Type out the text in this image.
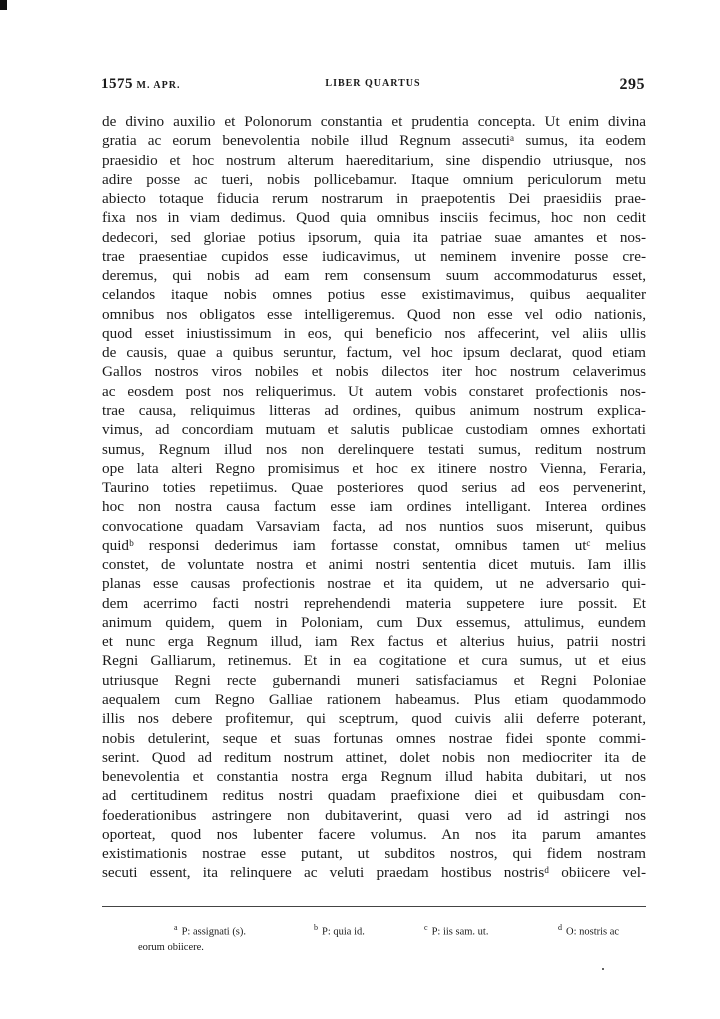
1575 M. APR.	LIBER QUARTUS	295
de divino auxilio et Polonorum constantia et prudentia concepta. Ut enim divina
gratia ac eorum benevolentia nobile illud Regnum assecutiᵃ sumus, ita eodem
praesidio et hoc nostrum alterum haereditarium, sine dispendio utriusque, nos
adire posse ac tueri, nobis pollicebamur. Itaque omnium periculorum metu
abiecto totaque fiducia rerum nostrarum in praepotentis Dei praesidiis prae-
fixa nos in viam dedimus. Quod quia omnibus insciis fecimus, hoc non cedit
dedecori, sed gloriae potius ipsorum, quia ita patriae suae amantes et nos-
trae praesentiae cupidos esse iudicavimus, ut neminem invenire posse cre-
deremus, qui nobis ad eam rem consensum suum accommodaturus esset,
celandos itaque nobis omnes potius esse existimavimus, quibus aequaliter
omnibus nos obligatos esse intelligeremus. Quod non esse vel odio nationis,
quod esset iniustissimum in eos, qui beneficio nos affecerint, vel aliis ullis
de causis, quae a quibus seruntur, factum, vel hoc ipsum declarat, quod etiam
Gallos nostros viros nobiles et nobis dilectos iter hoc nostrum celaverimus
ac eosdem post nos reliquerimus. Ut autem vobis constaret profectionis nos-
trae causa, reliquimus litteras ad ordines, quibus animum nostrum explica-
vimus, ad concordiam mutuam et salutis publicae custodiam omnes exhortati
sumus, Regnum illud nos non derelinquere testati sumus, reditum nostrum
ope lata alteri Regno promisimus et hoc ex itinere nostro Vienna, Feraria,
Taurino toties repetiimus. Quae posteriores quod serius ad eos pervenerint,
hoc non nostra causa factum esse iam ordines intelligant. Interea ordines
convocatione quadam Varsaviam facta, ad nos nuntios suos miserunt, quibus
quidᵇ responsi dederimus iam fortasse constat, omnibus tamen utᶜ melius
constet, de voluntate nostra et animi nostri sententia dicet mutuis. Iam illis
planas esse causas profectionis nostrae et ita quidem, ut ne adversario qui-
dem acerrimo facti nostri reprehendendi materia suppetere iure possit. Et
animum quidem, quem in Poloniam, cum Dux essemus, attulimus, eundem
et nunc erga Regnum illud, iam Rex factus et alterius huius, patrii nostri
Regni Galliarum, retinemus. Et in ea cogitatione et cura sumus, ut et eius
utriusque Regni recte gubernandi muneri satisfaciamus et Regni Poloniae
aequalem cum Regno Galliae rationem habeamus. Plus etiam quodammodo
illis nos debere profitemur, qui sceptrum, quod cuivis alii deferre poterant,
nobis detulerint, seque et suas fortunas omnes nostrae fidei sponte commi-
serint. Quod ad reditum nostrum attinet, dolet nobis non mediocriter ita de
benevolentia et constantia nostra erga Regnum illud habita dubitari, ut nos
ad certitudinem reditus nostri quadam praefixione diei et quibusdam con-
foederationibus astringere non dubitaverint, quasi vero ad id astringi nos
oporteat, quod nos lubenter facere volumus. An nos ita parum amantes
existimationis nostrae esse putant, ut subditos nostros, qui fidem nostram
secuti essent, ita relinquere ac veluti praedam hostibus nostrisᵈ obiicere vel-
$^a$ P: assignati (s).	$^b$ P: quia id.	$^c$ P: iis sam. ut.	$^d$ O: nostris ac
eorum obiicere.
